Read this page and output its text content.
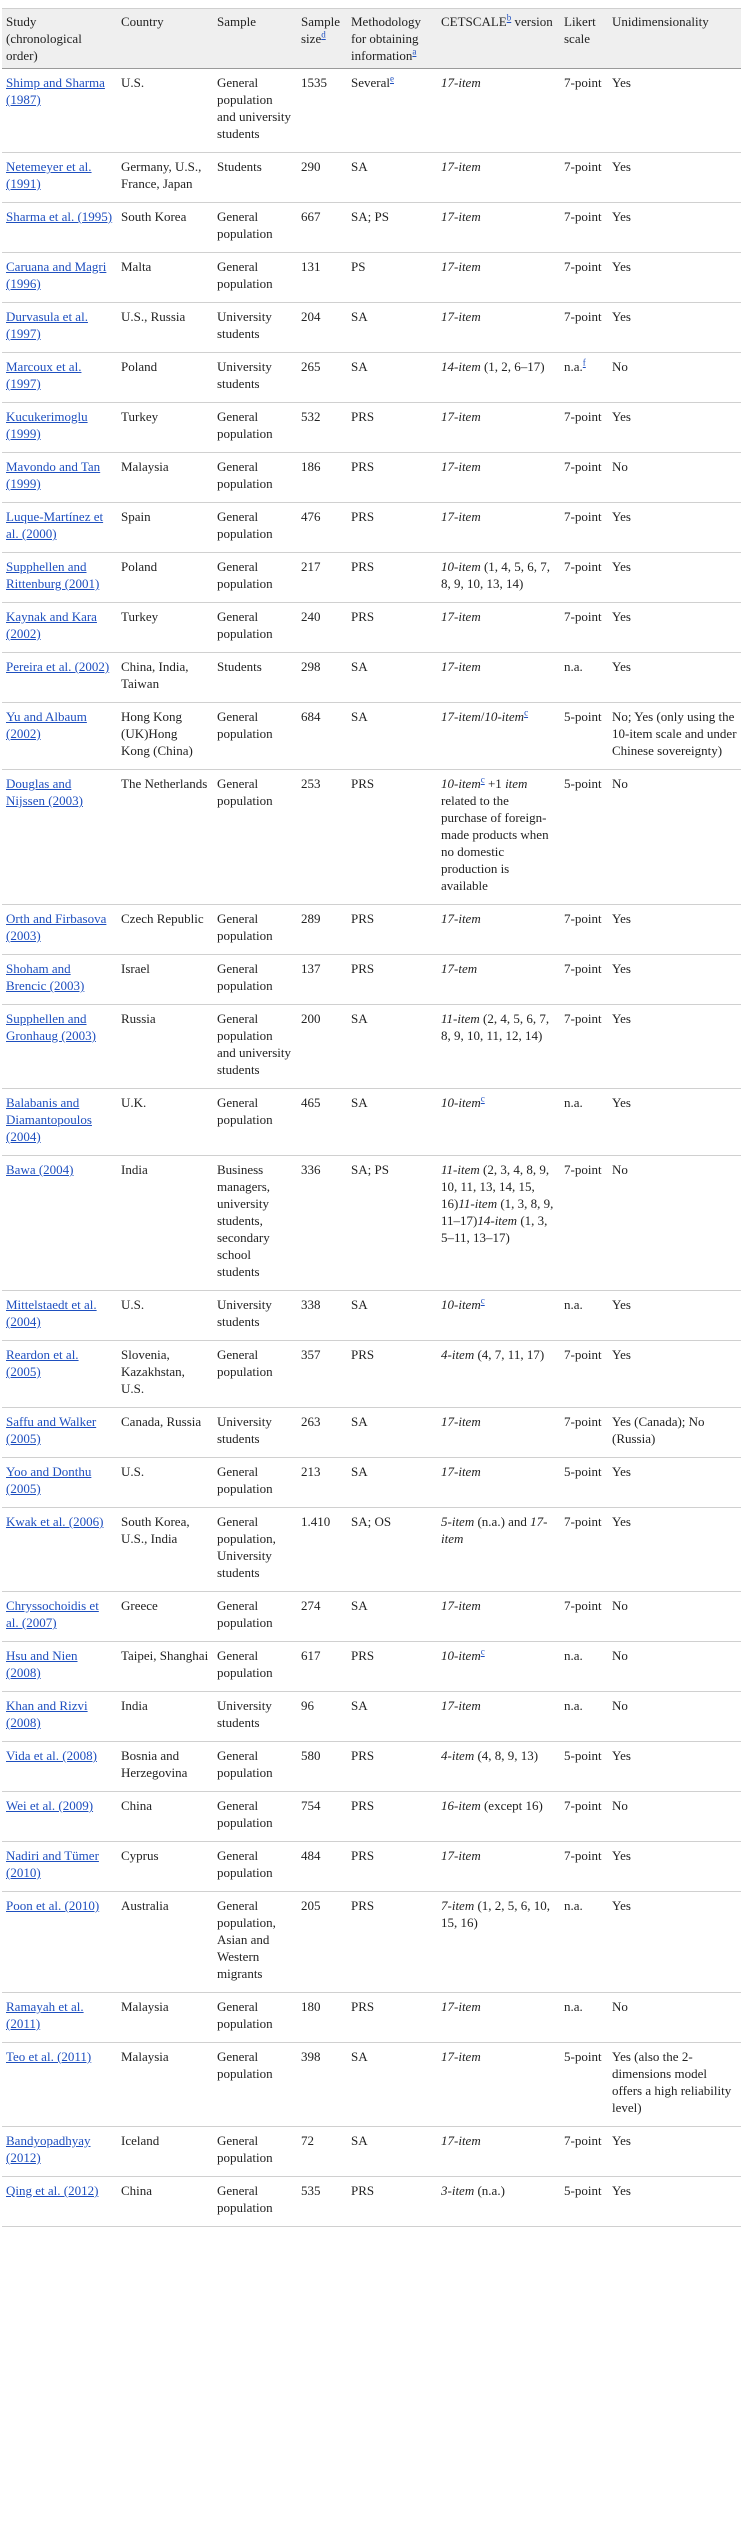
Study (chronological order)	Country	Sample	Sample size$^d$	Methodology for obtaining information$^a$	CETSCALE$^b$ version	Likert scale	Unidimensionality
Shimp and Sharma (1987)	U.S.	General population and university students	1535	Several$^e$	17-item	7-point	Yes
Netemeyer et al. (1991)	Germany, U.S., France, Japan	Students	290	SA	17-item	7-point	Yes
Sharma et al. (1995)	South Korea	General population	667	SA; PS	17-item	7-point	Yes
Caruana and Magri (1996)	Malta	General population	131	PS	17-item	7-point	Yes
Durvasula et al. (1997)	U.S., Russia	University students	204	SA	17-item	7-point	Yes
Marcoux et al. (1997)	Poland	University students	265	SA	14-item (1, 2, 6–17)	n.a.$^f$	No
Kucukerimoglu (1999)	Turkey	General population	532	PRS	17-item	7-point	Yes
Mavondo and Tan (1999)	Malaysia	General population	186	PRS	17-item	7-point	No
Luque-Martínez et al. (2000)	Spain	General population	476	PRS	17-item	7-point	Yes
Supphellen and Rittenburg (2001)	Poland	General population	217	PRS	10-item (1, 4, 5, 6, 7, 8, 9, 10, 13, 14)	7-point	Yes
Kaynak and Kara (2002)	Turkey	General population	240	PRS	17-item	7-point	Yes
Pereira et al. (2002)	China, India, Taiwan	Students	298	SA	17-item	n.a.	Yes
Yu and Albaum (2002)	Hong Kong (UK)Hong Kong (China)	General population	684	SA	17-item/10-item$^c$	5-point	No; Yes (only using the 10-item scale and under Chinese sovereignty)
Douglas and Nijssen (2003)	The Netherlands	General population	253	PRS	10-item$^c$ +1 item related to the purchase of foreign-made products when no domestic production is available	5-point	No
Orth and Firbasova (2003)	Czech Republic	General population	289	PRS	17-item	7-point	Yes
Shoham and Brencic (2003)	Israel	General population	137	PRS	17-tem	7-point	Yes
Supphellen and Gronhaug (2003)	Russia	General population and university students	200	SA	11-item (2, 4, 5, 6, 7, 8, 9, 10, 11, 12, 14)	7-point	Yes
Balabanis and Diamantopoulos (2004)	U.K.	General population	465	SA	10-item$^c$	n.a.	Yes
Bawa (2004)	India	Business managers, university students, secondary school students	336	SA; PS	11-item (2, 3, 4, 8, 9, 10, 11, 13, 14, 15, 16)11-item (1, 3, 8, 9, 11–17)14-item (1, 3, 5–11, 13–17)	7-point	No
Mittelstaedt et al. (2004)	U.S.	University students	338	SA	10-item$^c$	n.a.	Yes
Reardon et al. (2005)	Slovenia, Kazakhstan, U.S.	General population	357	PRS	4-item (4, 7, 11, 17)	7-point	Yes
Saffu and Walker (2005)	Canada, Russia	University students	263	SA	17-item	7-point	Yes (Canada); No (Russia)
Yoo and Donthu (2005)	U.S.	General population	213	SA	17-item	5-point	Yes
Kwak et al. (2006)	South Korea, U.S., India	General population, University students	1.410	SA; OS	5-item (n.a.) and 17-item	7-point	Yes
Chryssochoidis et al. (2007)	Greece	General population	274	SA	17-item	7-point	No
Hsu and Nien (2008)	Taipei, Shanghai	General population	617	PRS	10-item$^c$	n.a.	No
Khan and Rizvi (2008)	India	University students	96	SA	17-item	n.a.	No
Vida et al. (2008)	Bosnia and Herzegovina	General population	580	PRS	4-item (4, 8, 9, 13)	5-point	Yes
Wei et al. (2009)	China	General population	754	PRS	16-item (except 16)	7-point	No
Nadiri and Tümer (2010)	Cyprus	General population	484	PRS	17-item	7-point	Yes
Poon et al. (2010)	Australia	General population, Asian and Western migrants	205	PRS	7-item (1, 2, 5, 6, 10, 15, 16)	n.a.	Yes
Ramayah et al. (2011)	Malaysia	General population	180	PRS	17-item	n.a.	No
Teo et al. (2011)	Malaysia	General population	398	SA	17-item	5-point	Yes (also the 2-dimensions model offers a high reliability level)
Bandyopadhyay (2012)	Iceland	General population	72	SA	17-item	7-point	Yes
Qing et al. (2012)	China	General population	535	PRS	3-item (n.a.)	5-point	Yes
